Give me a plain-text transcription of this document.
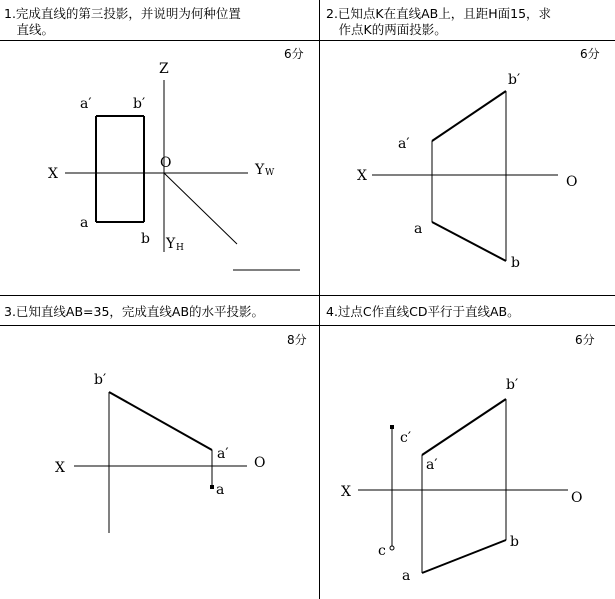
1.完成直线的第三投影，并说明为何种位置
　直线。
2.已知点K在直线AB上，且距H面15，求
　作点K的两面投影。
3.已知直线AB=35，完成直线AB的水平投影。	4.过点C作直线CD平行于直线AB。
6分	6分
8分	6分
a′	b′
a
b
X
O
Z
Y W
Y H
a′
b′
a
b
X	O
b′
a′
a
X	O
c′
b′
a′
c
b
a
X	O
